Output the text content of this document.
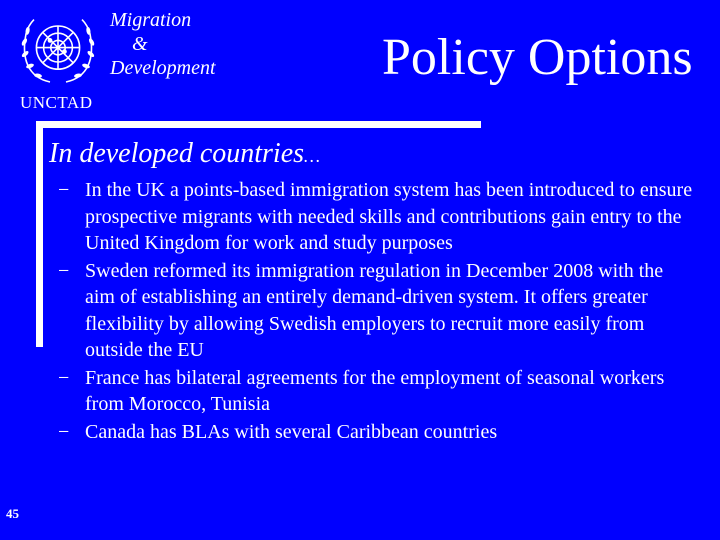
UNCTAD
Migration
&
Development	Policy Options
In developed countries…
− In the UK a points-based immigration system has been introduced to ensure prospective migrants with needed skills and contributions gain entry to the United Kingdom for work and study purposes
− Sweden reformed its immigration regulation in December 2008 with the aim of establishing an entirely demand-driven system. It offers greater flexibility by allowing Swedish employers to recruit more easily from outside the EU
− France has bilateral agreements for the employment of seasonal workers from Morocco, Tunisia
− Canada has BLAs with several Caribbean countries
45
